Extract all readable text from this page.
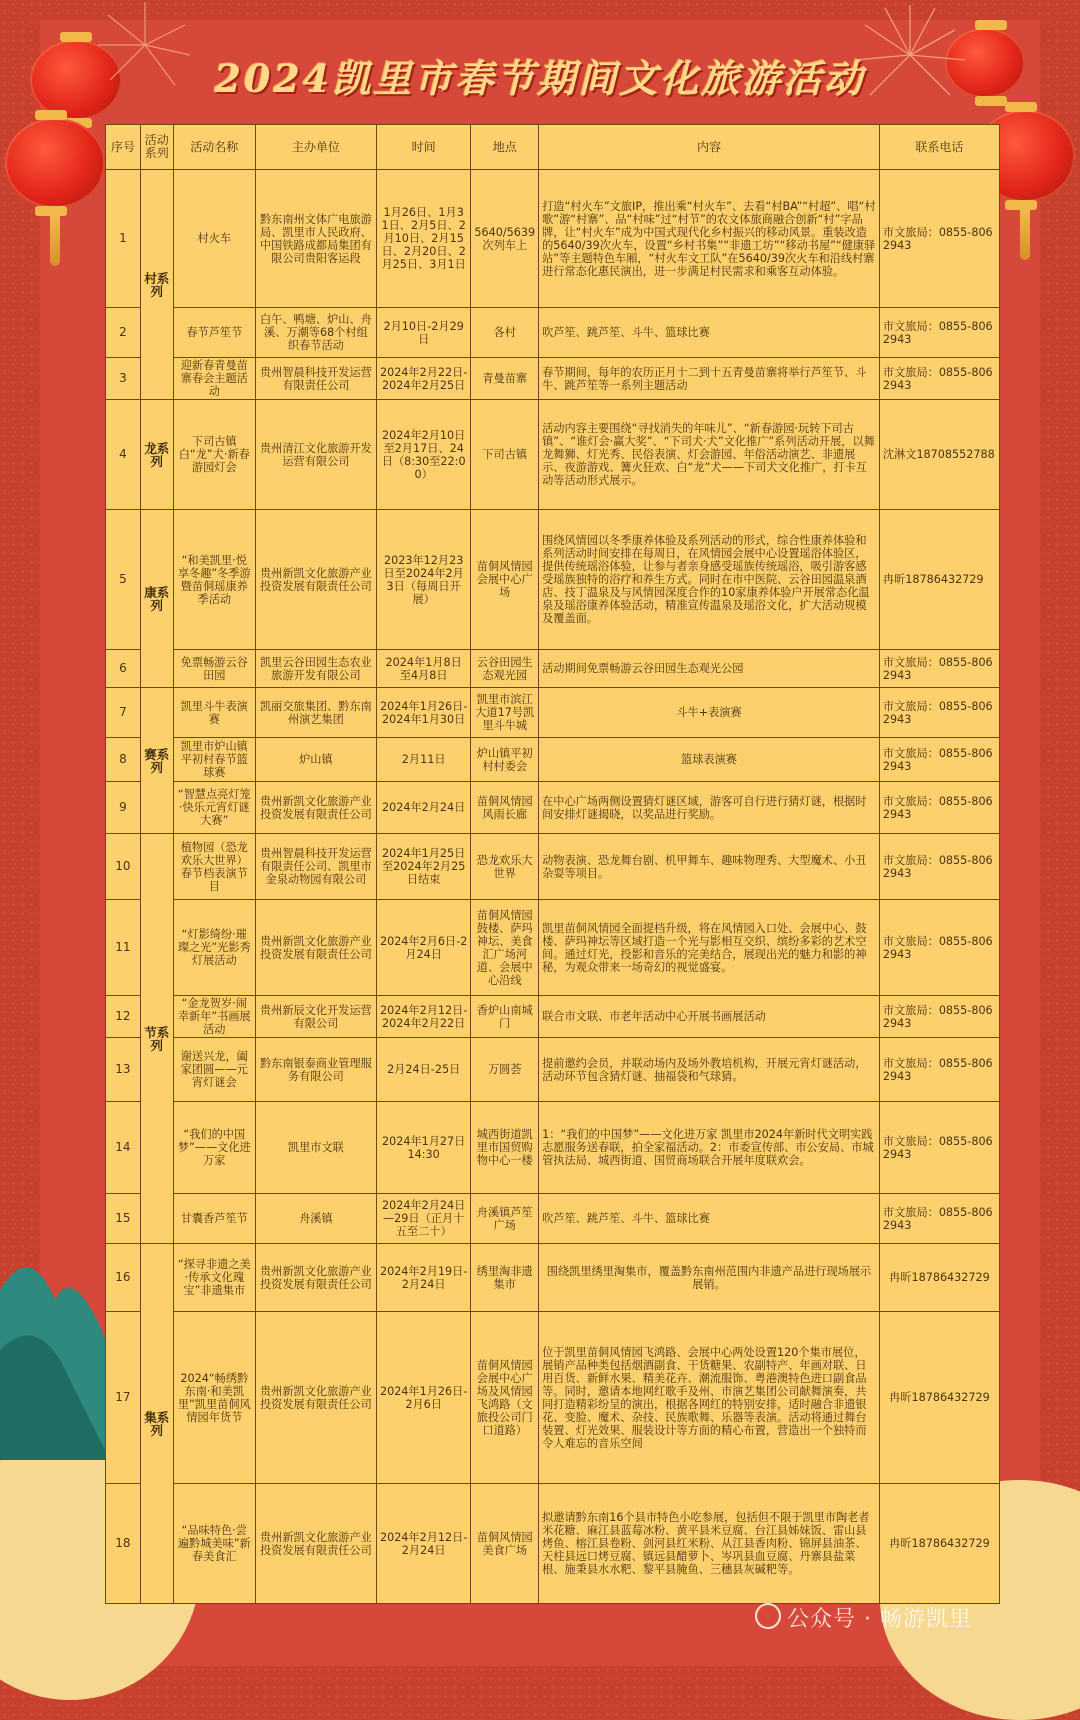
2024凯里市春节期间文化旅游活动
序号	活动系列	活动名称	主办单位	时间	地点	内容	联系电话
1	村系列	村火车	黔东南州文体广电旅游局、凯里市人民政府、中国铁路成都局集团有限公司贵阳客运段	1月26日、1月31日、2月5日、2月10日、2月15日、2月20日、2月25日、3月1日	5640/5639次列车上	打造“村火车”文旅IP，推出乘“村火车”、去看“村BA”“村超”、唱“村歌”游“村寨”、品“村味”过“村节”的农文体旅商融合创新“村”字品牌，让“村火车”成为中国式现代化乡村振兴的移动风景。重装改造的5640/39次火车，设置“乡村书集”“非遗工坊”“移动书屋”“健康驿站”等主题特色车厢，“村火车文工队”在5640/39次火车和沿线村寨进行常态化惠民演出，进一步满足村民需求和乘客互动体验。	市文旅局：0855-8062943
2		春节芦笙节	白午、鸭塘、炉山、舟溪、万潮等68个村组织春节活动	2月10日-2月29日	各村	吹芦笙、跳芦笙、斗牛、篮球比赛	市文旅局：0855-8062943
3		迎新春青曼苗寨春会主题活动	贵州智晨科技开发运营有限责任公司	2024年2月22日-2024年2月25日	青曼苗寨	春节期间，每年的农历正月十二到十五青曼苗寨将举行芦笙节、斗牛、跳芦笙等一系列主题活动	市文旅局：0855-8062943
4	龙系列	下司古镇白“龙”犬·新春游园灯会	贵州清江文化旅游开发运营有限公司	2024年2月10日至2月17日、24日（8:30至22:00）	下司古镇	活动内容主要围绕“寻找消失的年味儿”、“新春游园·玩转下司古镇”、“谁灯会·赢大奖”、“下司犬·犬”文化推广”系列活动开展，以舞龙舞狮、灯光秀、民俗表演、灯会游园、年俗活动演艺、非遗展示、夜游游戏、篝火狂欢、白“龙”犬——下司犬文化推广，打卡互动等活动形式展示。	沈淋文18708552788
5	康系列	“和美凯里·悦享冬趣”冬季游暨苗侗瑶康养季活动	贵州新凯文化旅游产业投资发展有限责任公司	2023年12月23日至2024年2月3日（每周日开展）	苗侗风情园会展中心广场	围绕风情园以冬季康养体验及系列活动的形式，综合性康养体验和系列活动时间安排在每周日，在风情园会展中心设置瑶浴体验区，提供传统瑶浴体验，让参与者亲身感受瑶族传统瑶浴，吸引游客感受瑶族独特的浴疗和养生方式。同时在市中医院、云谷田园温泉酒店、技丁温泉及与风情园深度合作的10家康养体验户开展常态化温泉及瑶浴康养体验活动，精准宣传温泉及瑶浴文化，扩大活动规模及覆盖面。	冉昕18786432729
6		免票畅游云谷田园	凯里云谷田园生态农业旅游开发有限公司	2024年1月8日至4月8日	云谷田园生态观光园	活动期间免票畅游云谷田园生态观光公园	市文旅局：0855-8062943
7	赛系列	凯里斗牛表演赛	凯丽交旅集团、黔东南州演艺集团	2024年1月26日-2024年1月30日	凯里市滨江大道17号凯里斗牛城	斗牛+表演赛	市文旅局：0855-8062943
8		凯里市炉山镇平初村春节篮球赛	炉山镇	2月11日	炉山镇平初村村委会	篮球表演赛	市文旅局：0855-8062943
9		“智慧点亮灯笼·快乐元宵灯谜大赛”	贵州新凯文化旅游产业投资发展有限责任公司	2024年2月24日	苗侗风情园风雨长廊	在中心广场两侧设置猜灯谜区域，游客可自行进行猜灯谜，根据时间安排灯谜揭晓，以奖品进行奖励。	市文旅局：0855-8062943
10	节系列	植物园（恐龙欢乐大世界）春节档表演节目	贵州智晨科技开发运营有限责任公司、凯里市金泉动物园有限公司	2024年1月25日至2024年2月25日结束	恐龙欢乐大世界	动物表演、恐龙舞台剧、机甲舞车、趣味物理秀、大型魔术、小丑杂耍等项目。	市文旅局：0855-8062943
11		“灯影绮纷·璀璨之光”光影秀灯展活动	贵州新凯文化旅游产业投资发展有限责任公司	2024年2月6日-2月24日	苗侗风情园鼓楼、萨玛神坛、美食汇广场河道、会展中心沿线	凯里苗侗风情园全面提档升级，将在风情园入口处、会展中心、鼓楼、萨玛神坛等区域打造一个光与影相互交织、缤纷多彩的艺术空间。通过灯光，投影和音乐的完美结合，展现出光的魅力和影的神秘，为观众带来一场奇幻的视觉盛宴。	市文旅局：0855-8062943
12		“金龙贺岁·闹幸新年”书画展活动	贵州新辰文化开发运营有限公司	2024年2月12日-2024年2月22日	香炉山南城门	联合市文联、市老年活动中心开展书画展活动	市文旅局：0855-8062943
13		谢送兴龙，阖家团圆——元宵灯谜会	黔东南银泰商业管理服务有限公司	2月24日-25日	万圆荟	提前邀约会员，并联动场内及场外教培机构，开展元宵灯谜活动，活动环节包含猜灯谜、抽福袋和气球猜。	市文旅局：0855-8062943
14		“我们的中国梦”——文化进万家	凯里市文联	2024年1月27日14:30	城西街道凯里市国贸购物中心一楼	1：“我们的中国梦”——文化进万家 凯里市2024年新时代文明实践志愿服务送春联，拍全家福活动。2：市委宣传部、市公安局、市城管执法局、城西街道、国贸商场联合开展年度联欢会。	市文旅局：0855-8062943
15		甘囊香芦笙节	舟溪镇	2024年2月24日—29日（正月十五至二十）	舟溪镇芦笙广场	吹芦笙、跳芦笙、斗牛、篮球比赛	市文旅局：0855-8062943
16	集系列	“探寻非遗之美·传承文化瑰宝”非遗集市	贵州新凯文化旅游产业投资发展有限责任公司	2024年2月19日-2月24日	绣里淘非遗集市	围绕凯里绣里淘集市，覆盖黔东南州范围内非遗产品进行现场展示展销。	冉昕18786432729
17		2024“畅绣黔东南·和美凯里”凯里苗侗风情园年货节	贵州新凯文化旅游产业投资发展有限责任公司	2024年1月26日-2月6日	苗侗风情园会展中心广场及风情园飞鸿路（文旅投公司门口道路）	位于凯里苗侗风情园飞鸿路、会展中心两处设置120个集市展位，展销产品种类包括烟酒副食、干货糖果、农副特产、年画对联、日用百货、新鲜水果、精美花卉、潮流服饰、粤港澳特色进口副食品等。同时，邀请本地网红歌手及州、市演艺集团公司献舞演奏，共同打造精彩纷呈的演出，根据各网红的特别安排，适时融合非遗银花、变脸、魔术、杂技、民族歌舞、乐器等表演。活动将通过舞台装置、灯光效果、服装设计等方面的精心布置，营造出一个独特而令人难忘的音乐空间	冉昕18786432729
18		“品味特色·尝遍黔城美味”新春美食汇	贵州新凯文化旅游产业投资发展有限责任公司	2024年2月12日-2月24日	苗侗风情园美食广场	拟邀请黔东南16个县市特色小吃参展，包括但不限于凯里市陶老者米花糖、麻江县蓝莓冰粉、黄平县米豆腐、台江县姊妹饭、雷山县烤鱼、榕江县卷粉、剑河县红米粉、从江县香肉粉、锦屏县油茶、天柱县远口烤豆腐、镇远县醋萝卜、岑巩县血豆腐、丹寨县盐菜根、施秉县水水粑、黎平县腌鱼、三穗县灰碱粑等。	冉昕18786432729
公众号 · 畅游凯里
